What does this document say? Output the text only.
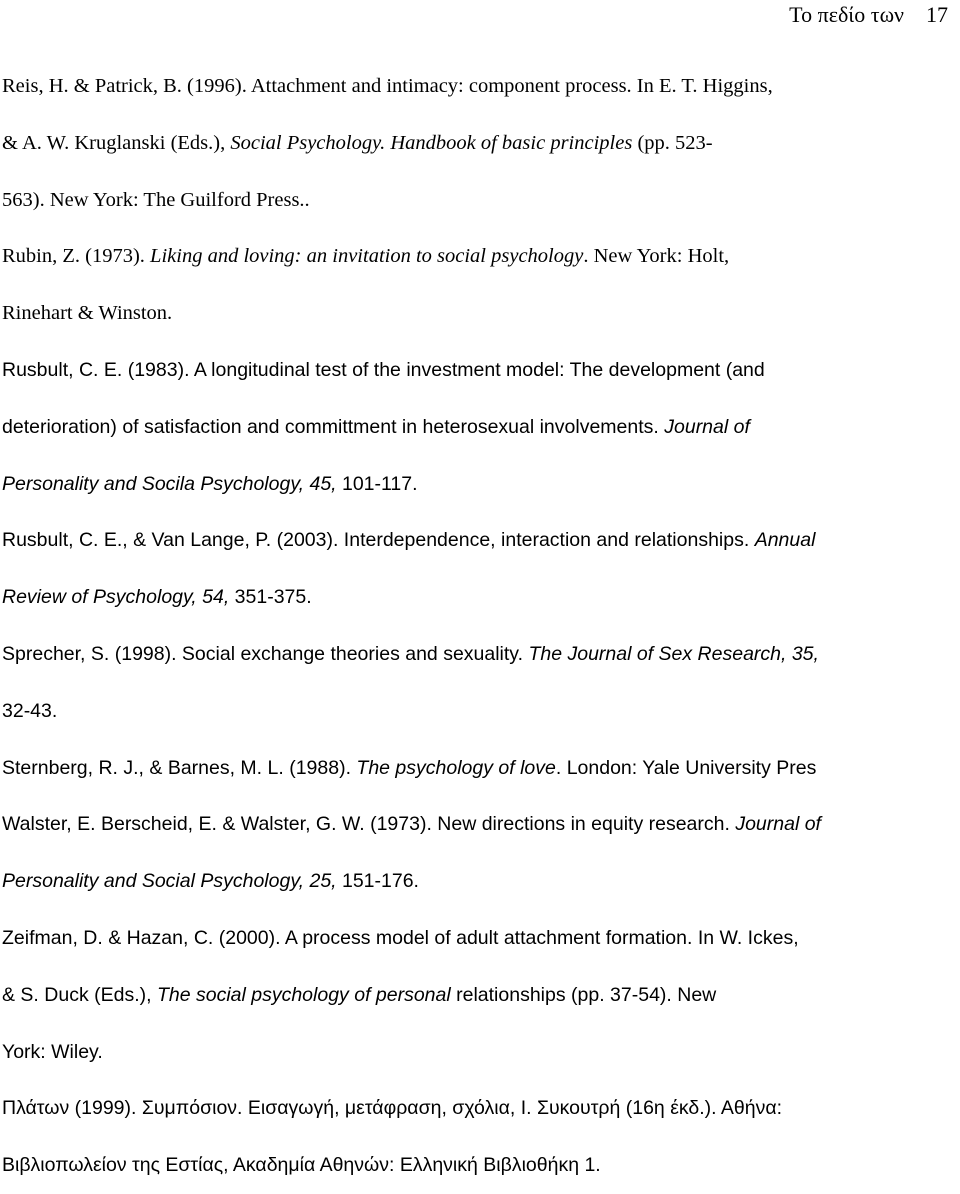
Το πεδίο των 17
Reis, H. & Patrick, B. (1996). Attachment and intimacy: component process. In E. T. Higgins,
& A. W. Kruglanski (Eds.), Social Psychology. Handbook of basic principles (pp. 523-
563). New York: The Guilford Press..
Rubin, Z. (1973). Liking and loving: an invitation to social psychology. New York: Holt,
Rinehart & Winston.
Rusbult, C. E. (1983). A longitudinal test of the investment model: The development (and
deterioration) of satisfaction and committment in heterosexual involvements. Journal of
Personality and Socila Psychology, 45, 101-117.
Rusbult, C. E., & Van Lange, P. (2003). Interdependence, interaction and relationships. Annual
Review of Psychology, 54, 351-375.
Sprecher, S. (1998). Social exchange theories and sexuality. The Journal of Sex Research, 35,
32-43.
Sternberg, R. J., & Barnes, M. L. (1988). The psychology of love. London: Yale University Pres
Walster, E. Berscheid, E. & Walster, G. W. (1973). New directions in equity research. Journal of
Personality and Social Psychology, 25, 151-176.
Zeifman, D. & Hazan, C. (2000). A process model of adult attachment formation. In W. Ickes,
& S. Duck (Eds.), The social psychology of personal relationships (pp. 37-54). New
York: Wiley.
Πλάτων (1999). Συμπόσιον. Εισαγωγή, μετάφραση, σχόλια, Ι. Συκουτρή (16η έκδ.). Αθήνα:
Βιβλιοπωλείον της Εστίας, Ακαδημία Αθηνών: Ελληνική Βιβλιοθήκη 1.
